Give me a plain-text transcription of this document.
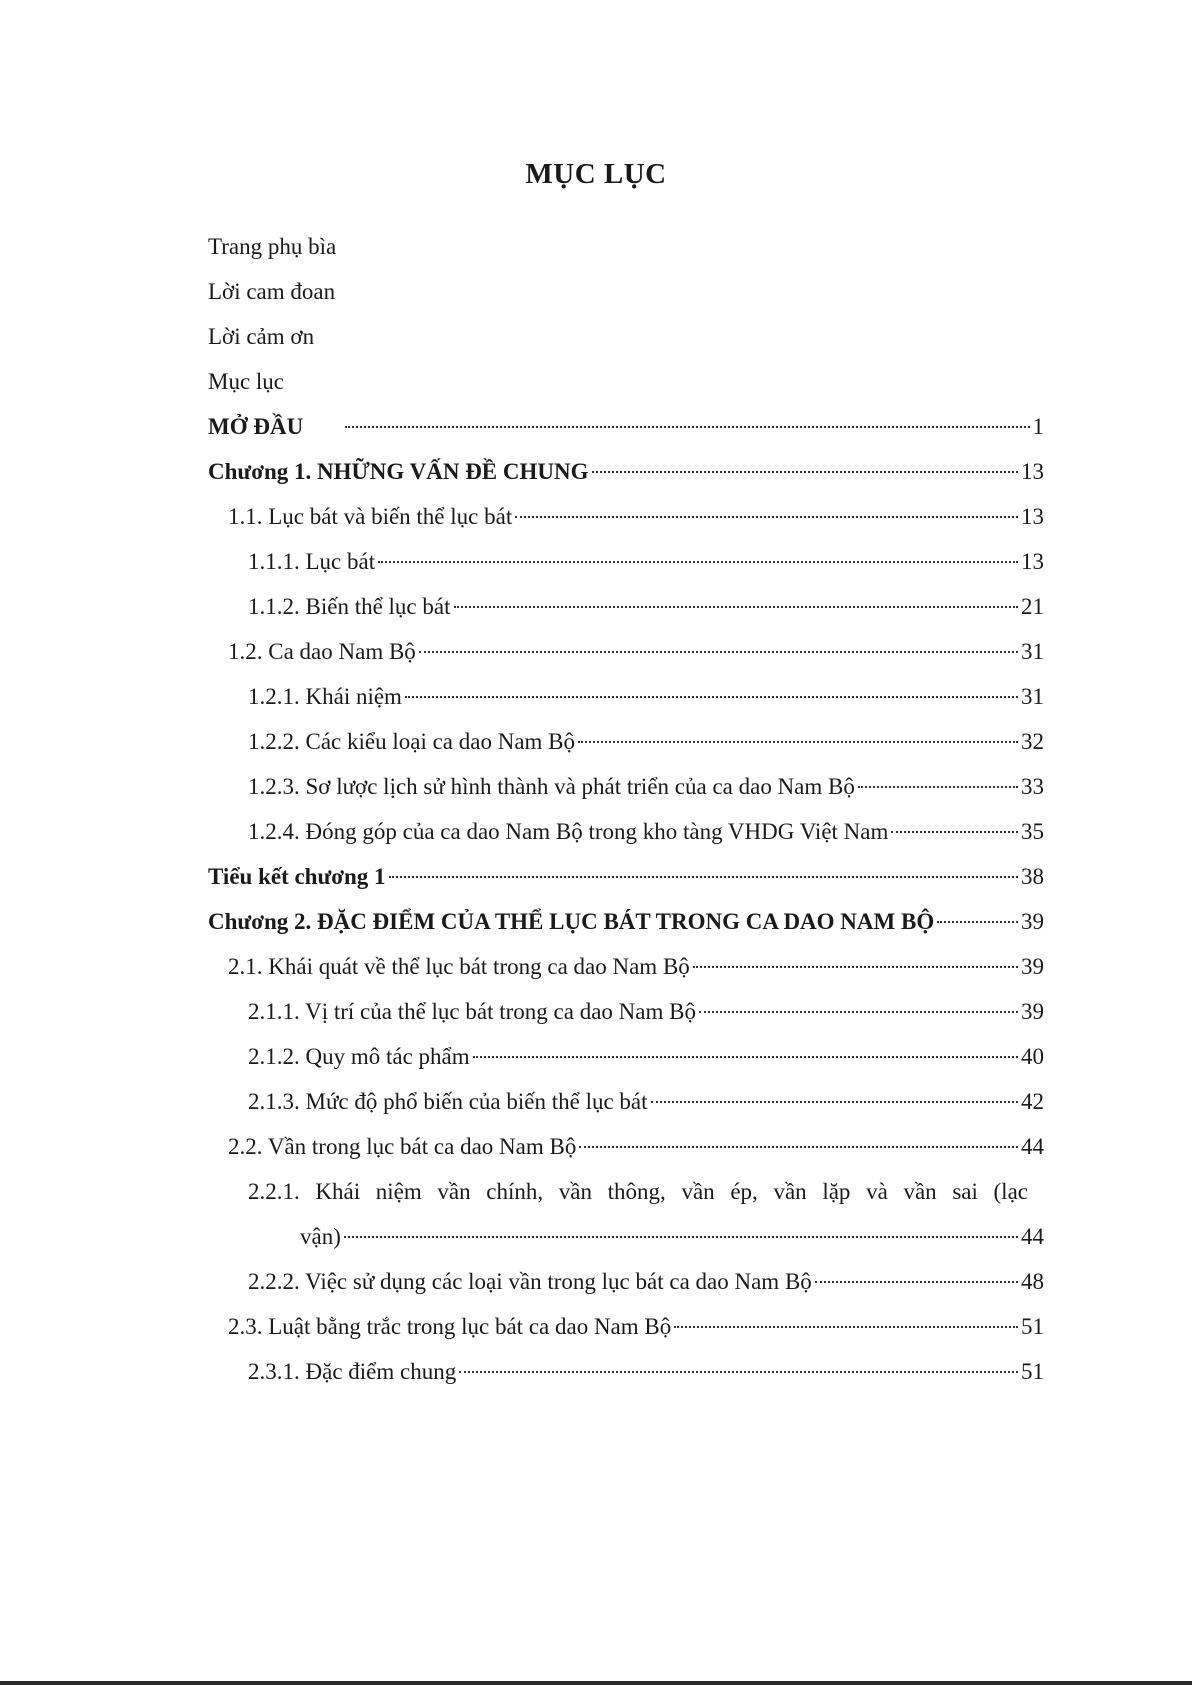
MỤC LỤC
Trang phụ bìa
Lời cam đoan
Lời cảm ơn
Mục lục
MỞ ĐẦU	1
Chương 1. NHỮNG VẤN ĐỀ CHUNG	13
1.1. Lục bát và biến thể lục bát	13
1.1.1. Lục bát	13
1.1.2. Biến thể lục bát	21
1.2. Ca dao Nam Bộ	31
1.2.1. Khái niệm	31
1.2.2. Các kiểu loại ca dao Nam Bộ	32
1.2.3. Sơ lược lịch sử hình thành và phát triển của ca dao Nam Bộ	33
1.2.4. Đóng góp của ca dao Nam Bộ trong kho tàng VHDG Việt Nam	35
Tiểu kết chương 1	38
Chương 2. ĐẶC ĐIỂM CỦA THỂ LỤC BÁT TRONG CA DAO NAM BỘ	39
2.1. Khái quát về thể lục bát trong ca dao Nam Bộ	39
2.1.1. Vị trí của thể lục bát trong ca dao Nam Bộ	39
2.1.2. Quy mô tác phẩm	40
2.1.3. Mức độ phổ biến của biến thể lục bát	42
2.2. Vần trong lục bát ca dao Nam Bộ	44
2.2.1. Khái niệm vần chính, vần thông, vần ép, vần lặp và vần sai (lạc
vận)	44
2.2.2. Việc sử dụng các loại vần trong lục bát ca dao Nam Bộ	48
2.3. Luật bằng trắc trong lục bát ca dao Nam Bộ	51
2.3.1. Đặc điểm chung	51
